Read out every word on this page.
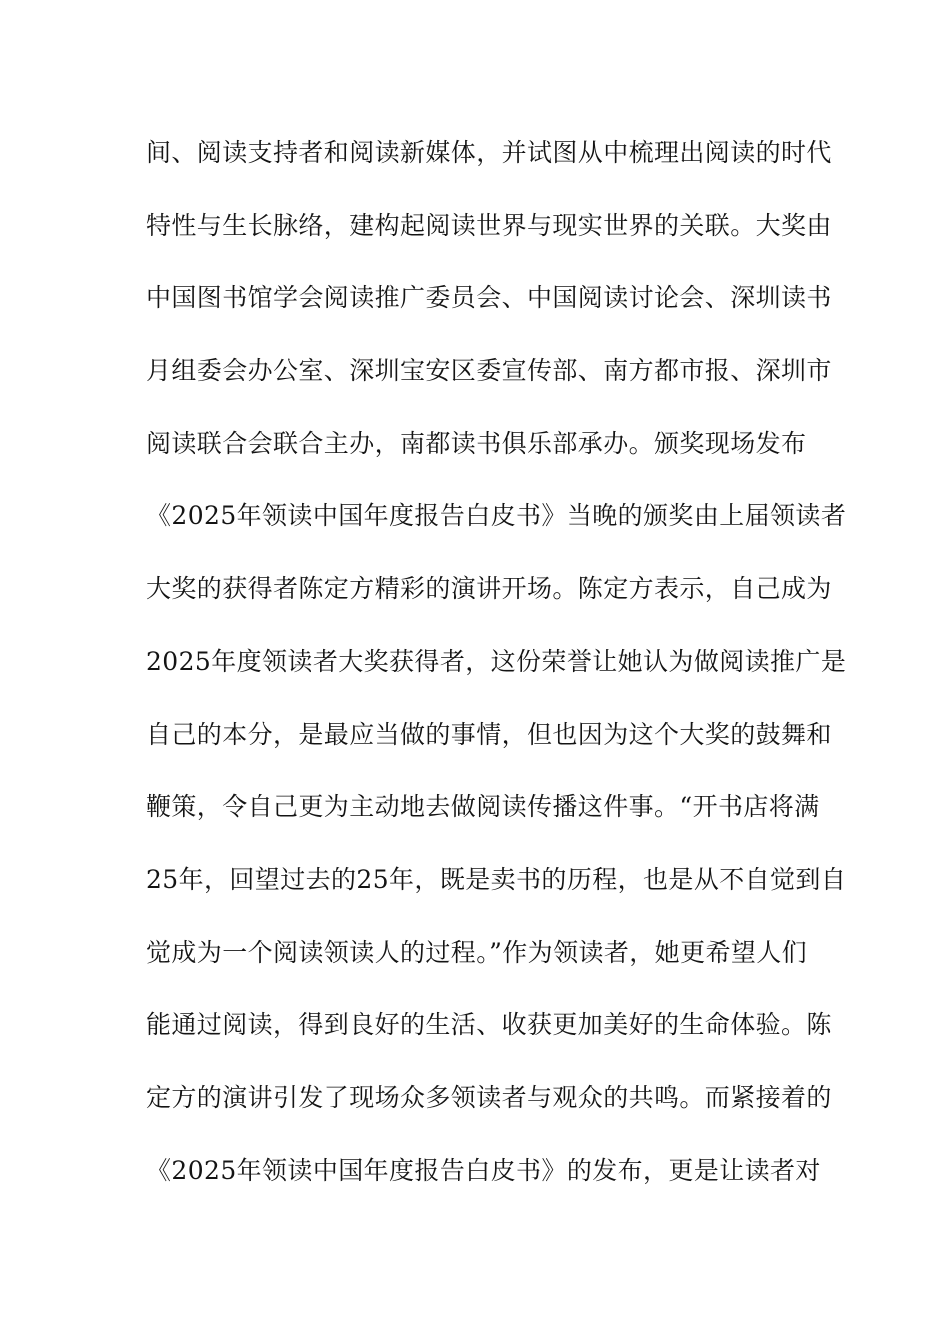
间、阅读支持者和阅读新媒体，并试图从中梳理出阅读的时代
特性与生长脉络，建构起阅读世界与现实世界的关联。大奖由
中国图书馆学会阅读推广委员会、中国阅读讨论会、深圳读书
月组委会办公室、深圳宝安区委宣传部、南方都市报、深圳市
阅读联合会联合主办，南都读书俱乐部承办。颁奖现场发布
《2025年领读中国年度报告白皮书》当晚的颁奖由上届领读者
大奖的获得者陈定方精彩的演讲开场。陈定方表示，自己成为
2025年度领读者大奖获得者，这份荣誉让她认为做阅读推广是
自己的本分，是最应当做的事情，但也因为这个大奖的鼓舞和
鞭策，令自己更为主动地去做阅读传播这件事。“开书店将满
25年，回望过去的25年，既是卖书的历程，也是从不自觉到自
觉成为一个阅读领读人的过程。”作为领读者，她更希望人们
能通过阅读，得到良好的生活、收获更加美好的生命体验。陈
定方的演讲引发了现场众多领读者与观众的共鸣。而紧接着的
《2025年领读中国年度报告白皮书》的发布，更是让读者对
